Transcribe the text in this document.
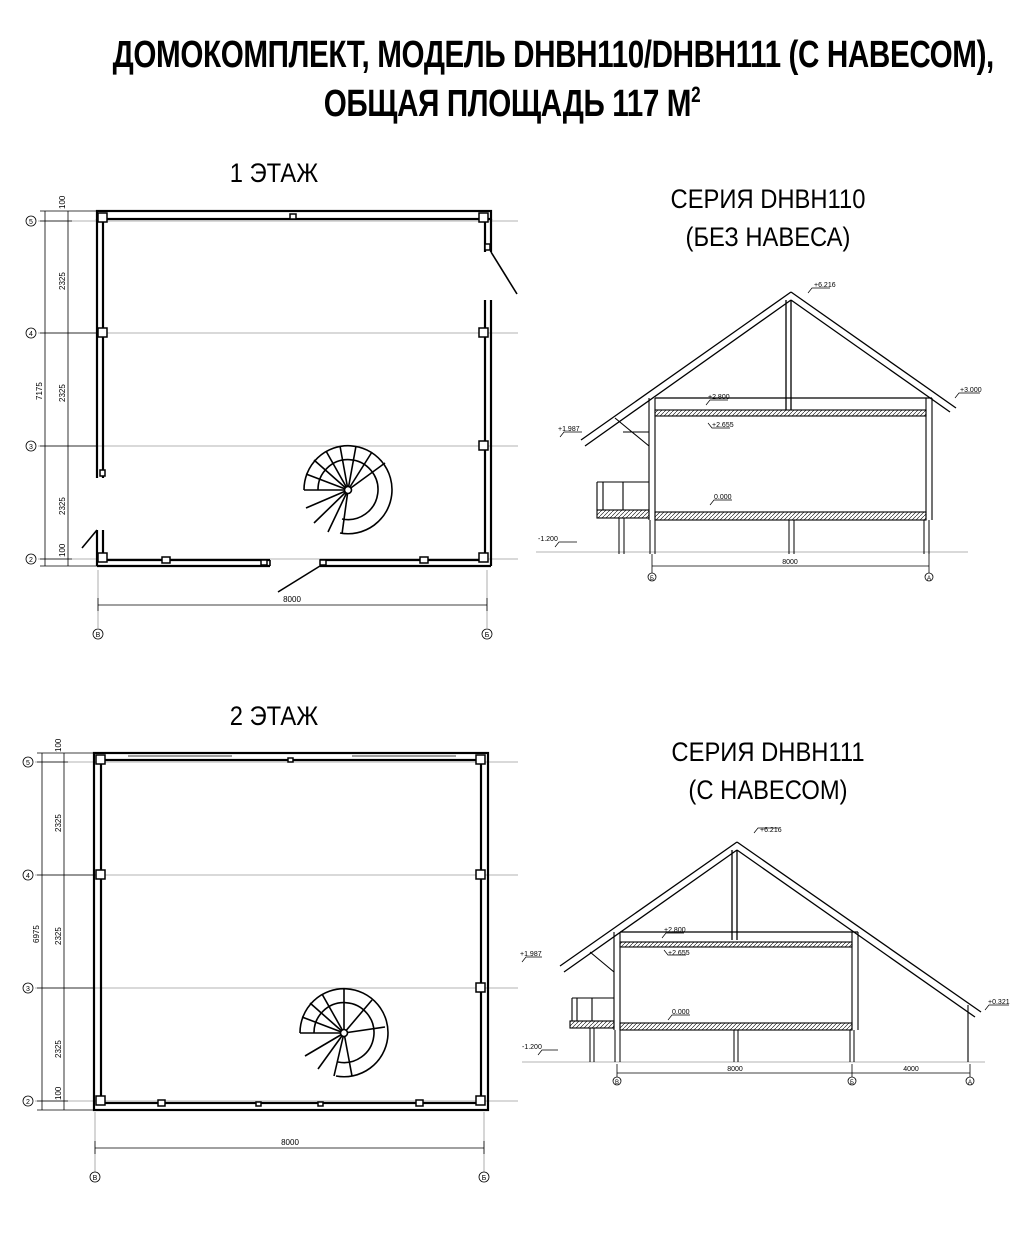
ДОМОКОМПЛЕКТ, МОДЕЛЬ DHBH110/DHBH111 (С НАВЕСОМ),
ОБЩАЯ ПЛОЩАДЬ 117 $М^2$
1 ЭТАЖ
2 ЭТАЖ
СЕРИЯ DHBH110
(БЕЗ НАВЕСА)
СЕРИЯ DHBH111
(С НАВЕСОМ)
5
4
3
2
В	Б
100
2325
2325
2325
100
7175
8000
5
4
3
2
В	Б
100
2325
2325
2325
100
6975
8000
+6.216
+1.987
+3.000
+2.800
+2.655
0.000
-1.200
8000
Б	А
+6.216
+1.987
+0.321
+2.800
+2.655
0.000
-1.200
8000	4000
В	Б	А
